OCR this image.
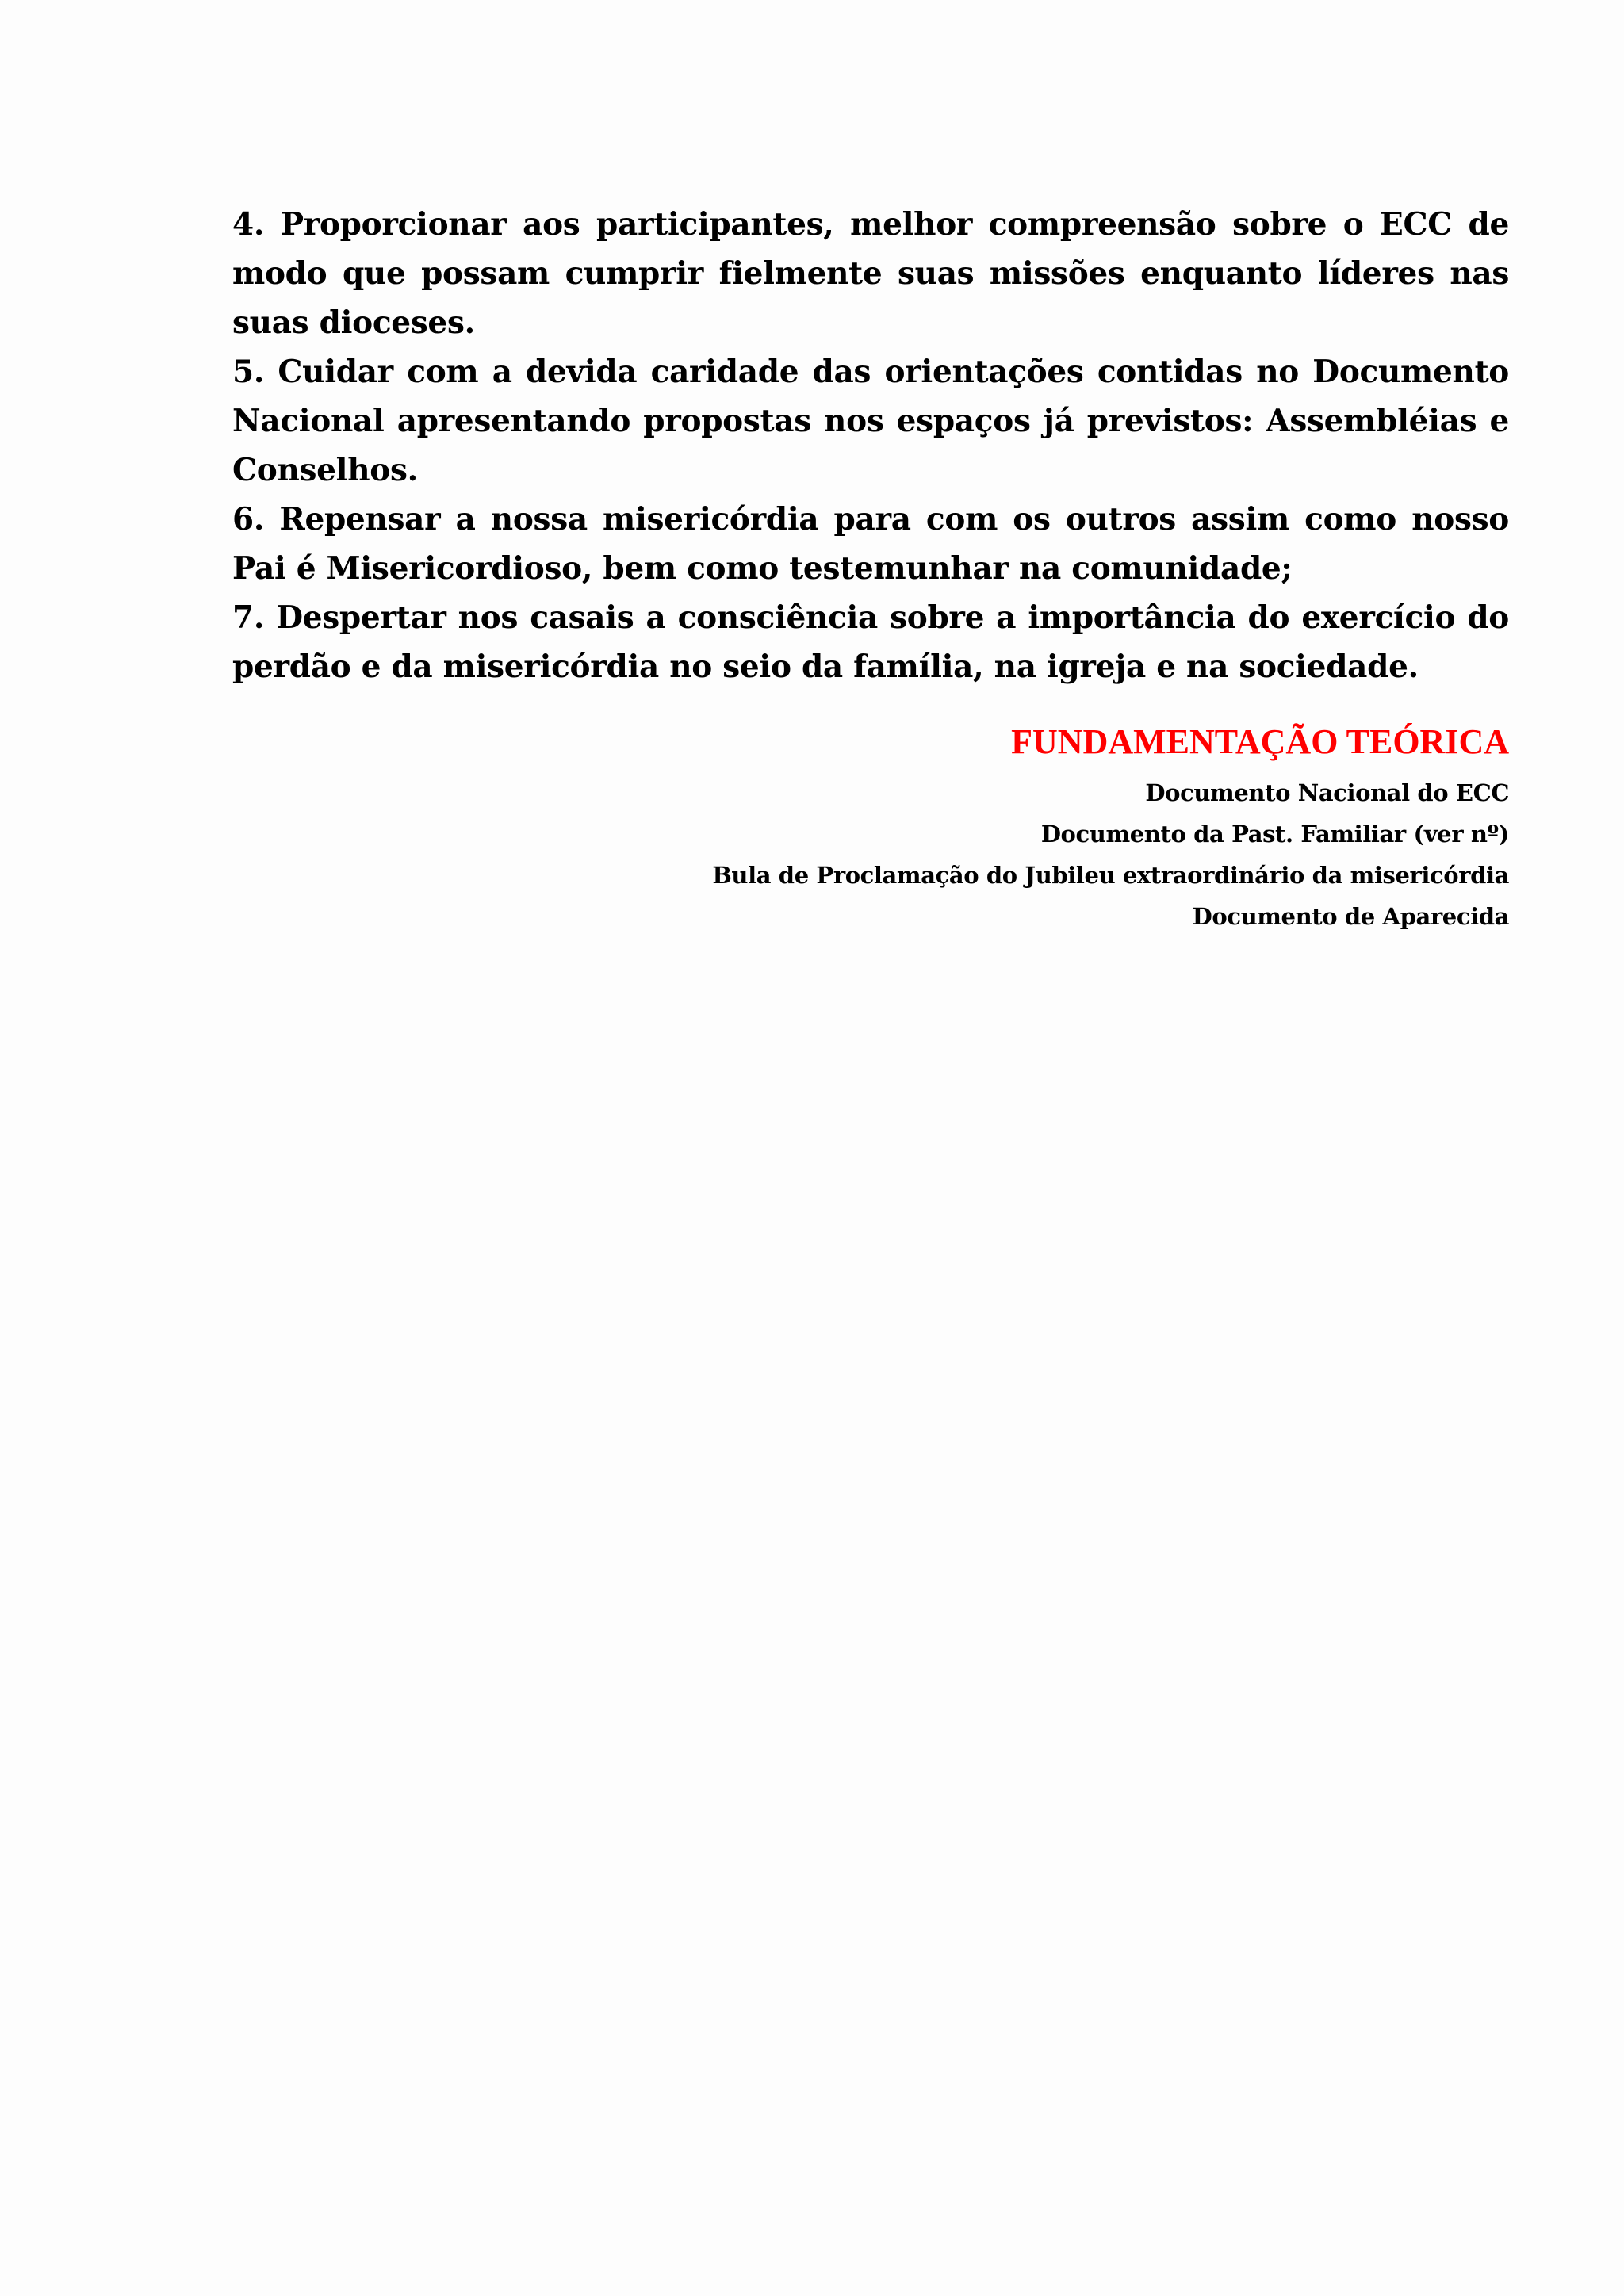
4. Proporcionar aos participantes, melhor compreensão sobre o ECC de modo que possam cumprir fielmente suas missões enquanto líderes nas suas dioceses.

5. Cuidar com a devida caridade das orientações contidas no Documento Nacional apresentando propostas nos espaços já previstos: Assembléias e Conselhos.

6. Repensar a nossa misericórdia para com os outros assim como nosso Pai é Misericordioso, bem como testemunhar na comunidade;

7. Despertar nos casais a consciência sobre a importância do exercício do perdão e da misericórdia no seio da família, na igreja e na sociedade.

FUNDAMENTAÇÃO TEÓRICA
Documento Nacional do ECC
Documento da Past. Familiar (ver nº)
Bula de Proclamação do Jubileu extraordinário da misericórdia
Documento de Aparecida
